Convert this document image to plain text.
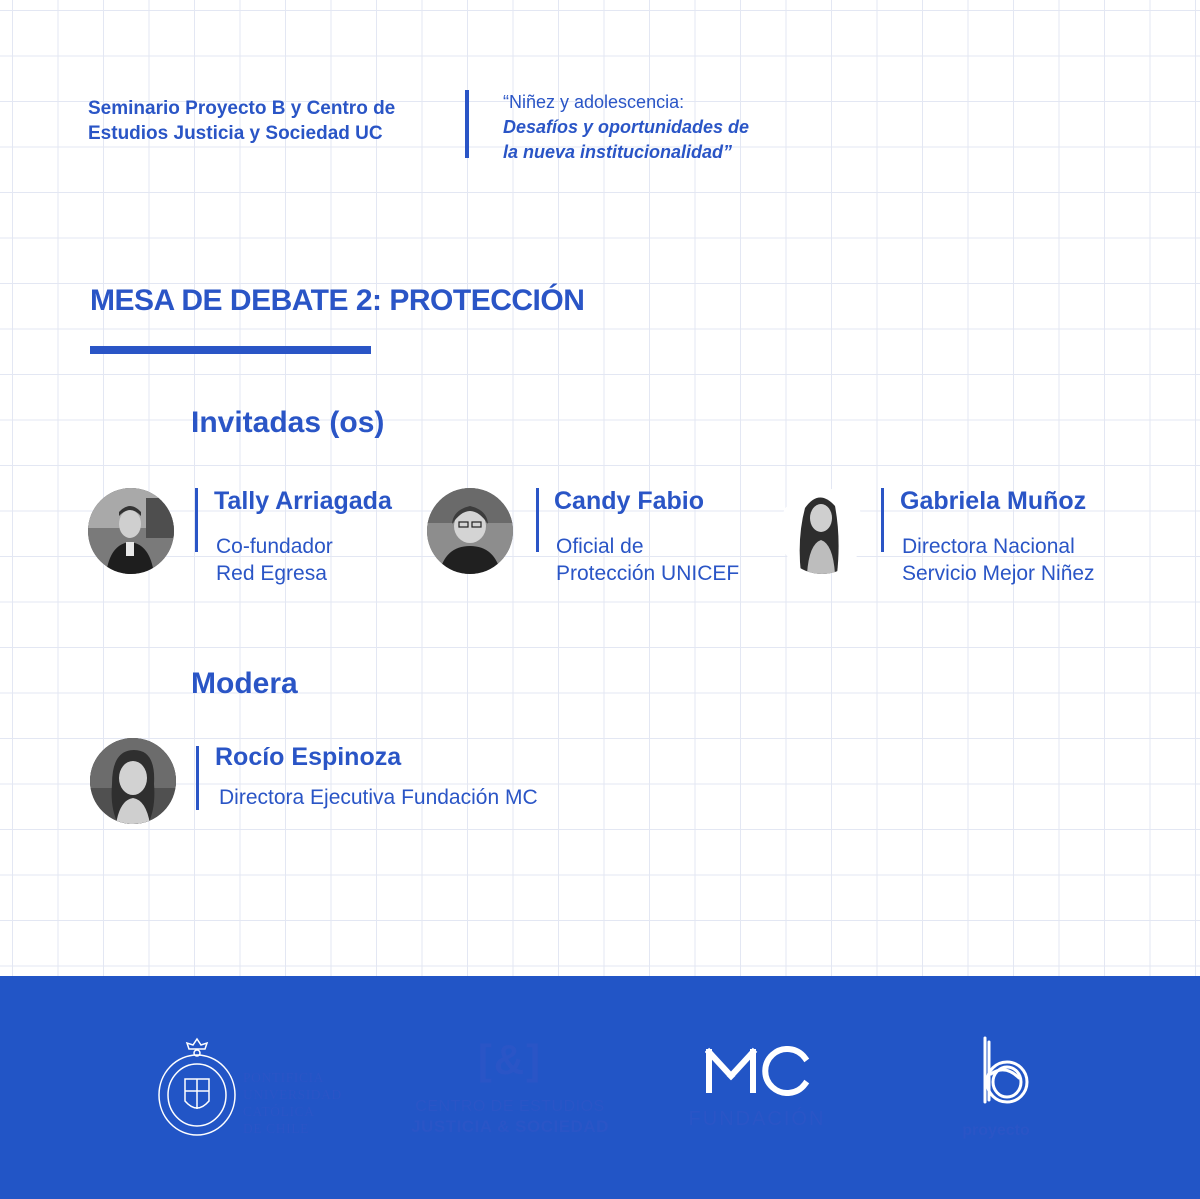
Seminario Proyecto B y Centro de
Estudios Justicia y Sociedad UC
“Niñez y adolescencia:
Desafíos y oportunidades de
la nueva institucionalidad”
MESA DE DEBATE 2: PROTECCIÓN
Invitadas (os)
Tally Arriagada
Co-fundador
Red Egresa
Candy Fabio
Oficial de
Protección UNICEF
Gabriela Muñoz
Directora Nacional
Servicio Mejor Niñez
Modera
Rocío Espinoza
Directora Ejecutiva Fundación MC
PONTIFICIA
UNIVERSIDAD
CATÓLICA
DE CHILE
[&]
CENTRO DE ESTUDIOS
JUSTICIA & SOCIEDAD	FUNDACIÓN
proyecto
